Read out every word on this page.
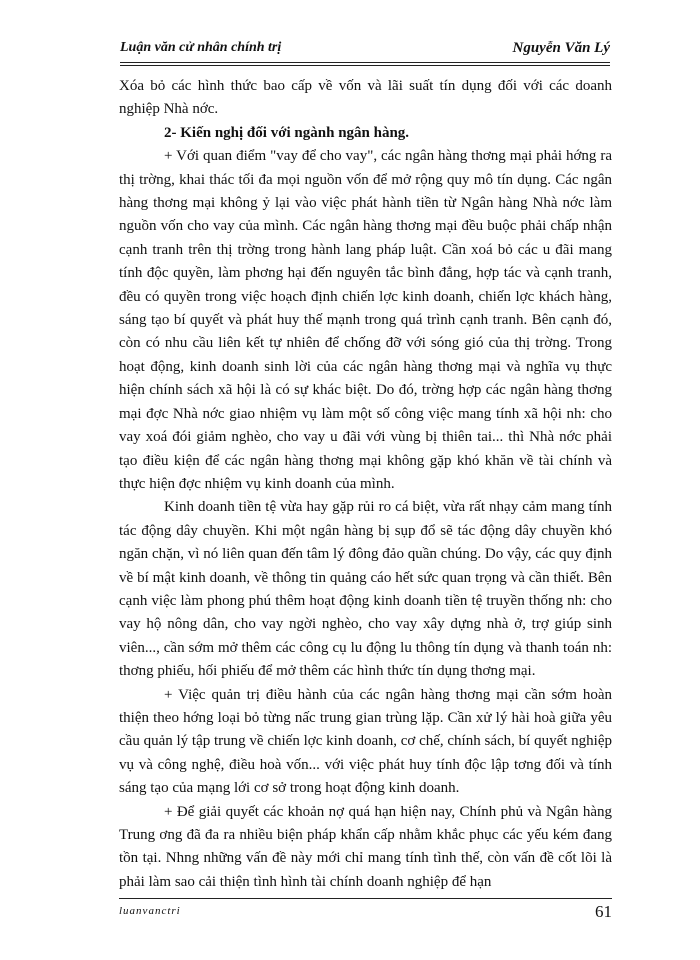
Luận văn cử nhân chính trị	Nguyễn Văn Lý

Xóa bỏ các hình thức bao cấp về vốn và lãi suất tín dụng đối với các doanh nghiệp Nhà nớc.

2- Kiến nghị đối với ngành ngân hàng.

+ Với quan điểm "vay để cho vay", các ngân hàng thơng mại phải hớng ra thị trờng, khai thác tối đa mọi nguồn vốn để mở rộng quy mô tín dụng. Các ngân hàng thơng mại không ỷ lại vào việc phát hành tiền từ Ngân hàng Nhà nớc làm nguồn vốn cho vay của mình. Các ngân hàng thơng mại đều buộc phải chấp nhận cạnh tranh trên thị trờng trong hành lang pháp luật. Cần xoá bỏ các u đãi mang tính độc quyền, làm phơng hại đến nguyên tắc bình đẳng, hợp tác và cạnh tranh, đều có quyền trong việc hoạch định chiến lợc kinh doanh, chiến lợc khách hàng, sáng tạo bí quyết và phát huy thế mạnh trong quá trình cạnh tranh. Bên cạnh đó, còn có nhu cầu liên kết tự nhiên để chống đỡ với sóng gió của thị trờng. Trong hoạt động, kinh doanh sinh lời của các ngân hàng thơng mại và nghĩa vụ thực hiện chính sách xã hội là có sự khác biệt. Do đó, trờng hợp các ngân hàng thơng mại đợc Nhà nớc giao nhiệm vụ làm một số công việc mang tính xã hội nh: cho vay xoá đói giảm nghèo, cho vay u đãi với vùng bị thiên tai... thì Nhà nớc phải tạo điều kiện để các ngân hàng thơng mại không gặp khó khăn về tài chính và thực hiện đợc nhiệm vụ kinh doanh của mình.

Kinh doanh tiền tệ vừa hay gặp rủi ro cá biệt, vừa rất nhạy cảm mang tính tác động dây chuyền. Khi một ngân hàng bị sụp đổ sẽ tác động dây chuyền khó ngăn chặn, vì nó liên quan đến tâm lý đông đảo quần chúng. Do vậy, các quy định về bí mật kinh doanh, về thông tin quảng cáo hết sức quan trọng và cần thiết. Bên cạnh việc làm phong phú thêm hoạt động kinh doanh tiền tệ truyền thống nh: cho vay hộ nông dân, cho vay ngời nghèo, cho vay xây dựng nhà ở, trợ giúp sinh viên..., cần sớm mở thêm các công cụ lu động lu thông tín dụng và thanh toán nh: thơng phiếu, hối phiếu để mở thêm các hình thức tín dụng thơng mại.

+ Việc quản trị điều hành của các ngân hàng thơng mại cần sớm hoàn thiện theo hớng loại bỏ từng nấc trung gian trùng lặp. Cần xử lý hài hoà giữa yêu cầu quản lý tập trung về chiến lợc kinh doanh, cơ chế, chính sách, bí quyết nghiệp vụ và công nghệ, điều hoà vốn... với việc phát huy tính độc lập tơng đối và tính sáng tạo của mạng lới cơ sở trong hoạt động kinh doanh.

+ Để giải quyết các khoản nợ quá hạn hiện nay, Chính phủ và Ngân hàng Trung ơng đã đa ra nhiều biện pháp khẩn cấp nhằm khắc phục các yếu kém đang tồn tại. Nhng những vấn đề này mới chỉ mang tính tình thế, còn vấn đề cốt lõi là phải làm sao cải thiện tình hình tài chính doanh nghiệp để hạn

luanvanctri	61
